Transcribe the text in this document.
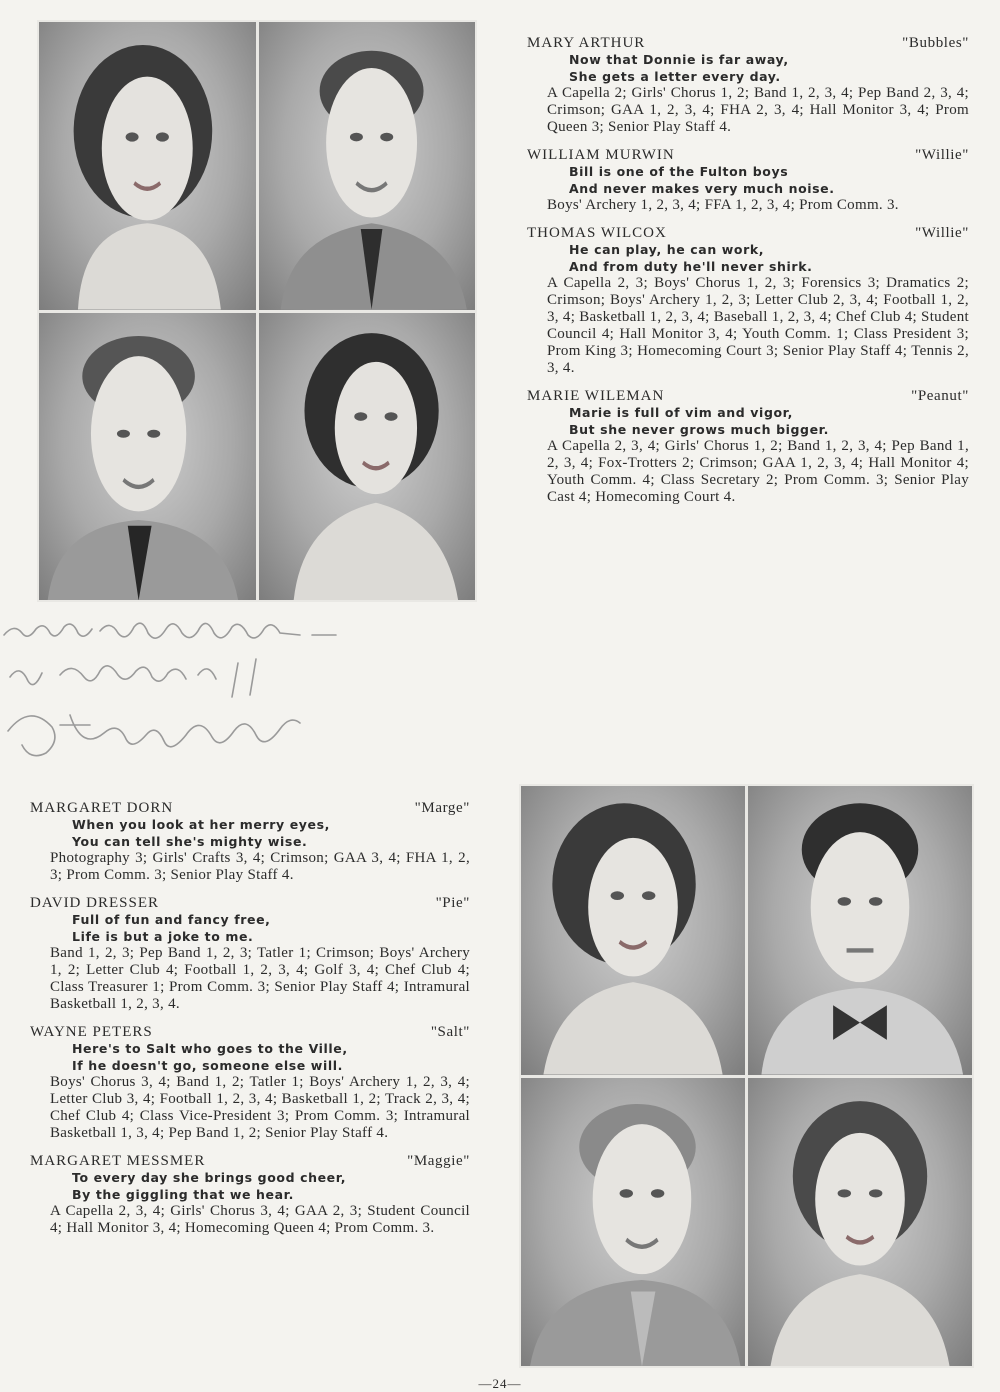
MARY ARTHUR	"Bubbles"
Now that Donnie is far away,
She gets a letter every day.
A Capella 2; Girls' Chorus 1, 2; Band 1, 2, 3, 4; Pep Band 2, 3, 4; Crimson; GAA 1, 2, 3, 4; FHA 2, 3, 4; Hall Monitor 3, 4; Prom Queen 3; Senior Play Staff 4.
WILLIAM MURWIN	"Willie"
Bill is one of the Fulton boys
And never makes very much noise.
Boys' Archery 1, 2, 3, 4; FFA 1, 2, 3, 4; Prom Comm. 3.
THOMAS WILCOX	"Willie"
He can play, he can work,
And from duty he'll never shirk.
A Capella 2, 3; Boys' Chorus 1, 2, 3; Forensics 3; Dramatics 2; Crimson; Boys' Archery 1, 2, 3; Letter Club 2, 3, 4; Football 1, 2, 3, 4; Basketball 1, 2, 3, 4; Baseball 1, 2, 3, 4; Chef Club 4; Student Council 4; Hall Monitor 3, 4; Youth Comm. 1; Class President 3; Prom King 3; Homecoming Court 3; Senior Play Staff 4; Tennis 2, 3, 4.
MARIE WILEMAN	"Peanut"
Marie is full of vim and vigor,
But she never grows much bigger.
A Capella 2, 3, 4; Girls' Chorus 1, 2; Band 1, 2, 3, 4; Pep Band 1, 2, 3, 4; Fox-Trotters 2; Crimson; GAA 1, 2, 3, 4; Hall Monitor 4; Youth Comm. 4; Class Secretary 2; Prom Comm. 3; Senior Play Cast 4; Homecoming Court 4.
MARGARET DORN	"Marge"
When you look at her merry eyes,
You can tell she's mighty wise.
Photography 3; Girls' Crafts 3, 4; Crimson; GAA 3, 4; FHA 1, 2, 3; Prom Comm. 3; Senior Play Staff 4.
DAVID DRESSER	"Pie"
Full of fun and fancy free,
Life is but a joke to me.
Band 1, 2, 3; Pep Band 1, 2, 3; Tatler 1; Crimson; Boys' Archery 1, 2; Letter Club 4; Football 1, 2, 3, 4; Golf 3, 4; Chef Club 4; Class Treasurer 1; Prom Comm. 3; Senior Play Staff 4; Intramural Basketball 1, 2, 3, 4.
WAYNE PETERS	"Salt"
Here's to Salt who goes to the Ville,
If he doesn't go, someone else will.
Boys' Chorus 3, 4; Band 1, 2; Tatler 1; Boys' Archery 1, 2, 3, 4; Letter Club 3, 4; Football 1, 2, 3, 4; Basketball 1, 2; Track 2, 3, 4; Chef Club 4; Class Vice-President 3; Prom Comm. 3; Intramural Basketball 1, 3, 4; Pep Band 1, 2; Senior Play Staff 4.
MARGARET MESSMER	"Maggie"
To every day she brings good cheer,
By the giggling that we hear.
A Capella 2, 3, 4; Girls' Chorus 3, 4; GAA 2, 3; Student Council 4; Hall Monitor 3, 4; Homecoming Queen 4; Prom Comm. 3.
—24—
